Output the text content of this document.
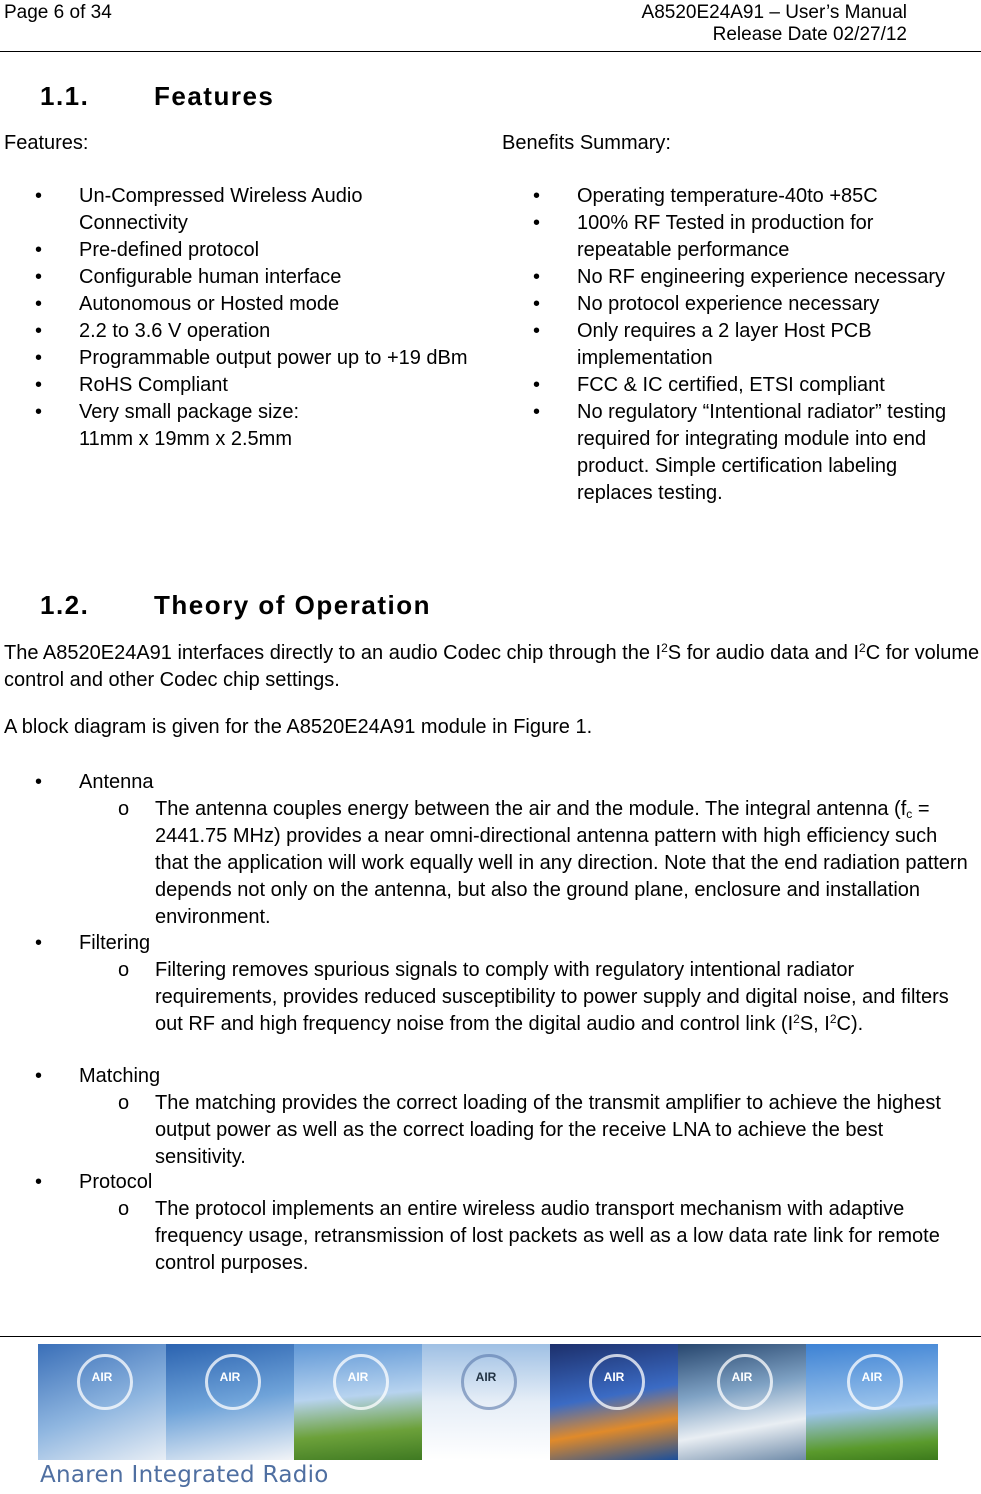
Page 6 of 34	A8520E24A91 – User’s Manual
Release Date 02/27/12
1.1. Features
Features:	Benefits Summary:
• Un-Compressed Wireless Audio Connectivity
• Pre-defined protocol
• Configurable human interface
• Autonomous or Hosted mode
• 2.2 to 3.6 V operation
• Programmable output power up to +19 dBm
• RoHS Compliant
• Very small package size:
11mm x 19mm x 2.5mm
• Operating temperature-40to +85C
• 100% RF Tested in production for repeatable performance
• No RF engineering experience necessary
• No protocol experience necessary
• Only requires a 2 layer Host PCB implementation
• FCC & IC certified, ETSI compliant
• No regulatory “Intentional radiator” testing required for integrating module into end product. Simple certification labeling replaces testing.
1.2. Theory of Operation
The A8520E24A91 interfaces directly to an audio Codec chip through the $I^2S$ for audio data and $I^2C$ for volume control and other Codec chip settings.
A block diagram is given for the A8520E24A91 module in Figure 1.
• Antenna
o The antenna couples energy between the air and the module. The integral antenna ($f_c = 2441.75$ MHz) provides a near omni-directional antenna pattern with high efficiency such that the application will work equally well in any direction. Note that the end radiation pattern depends not only on the antenna, but also the ground plane, enclosure and installation environment.
• Filtering
o Filtering removes spurious signals to comply with regulatory intentional radiator requirements, provides reduced susceptibility to power supply and digital noise, and filters out RF and high frequency noise from the digital audio and control link ($I^2S$, $I^2C$).
• Matching
o The matching provides the correct loading of the transmit amplifier to achieve the highest output power as well as the correct loading for the receive LNA to achieve the best sensitivity.
• Protocol
o The protocol implements an entire wireless audio transport mechanism with adaptive frequency usage, retransmission of lost packets as well as a low data rate link for remote control purposes.
AIR	AIR	AIR	AIR	AIR	AIR	AIR
Anaren Integrated Radio
